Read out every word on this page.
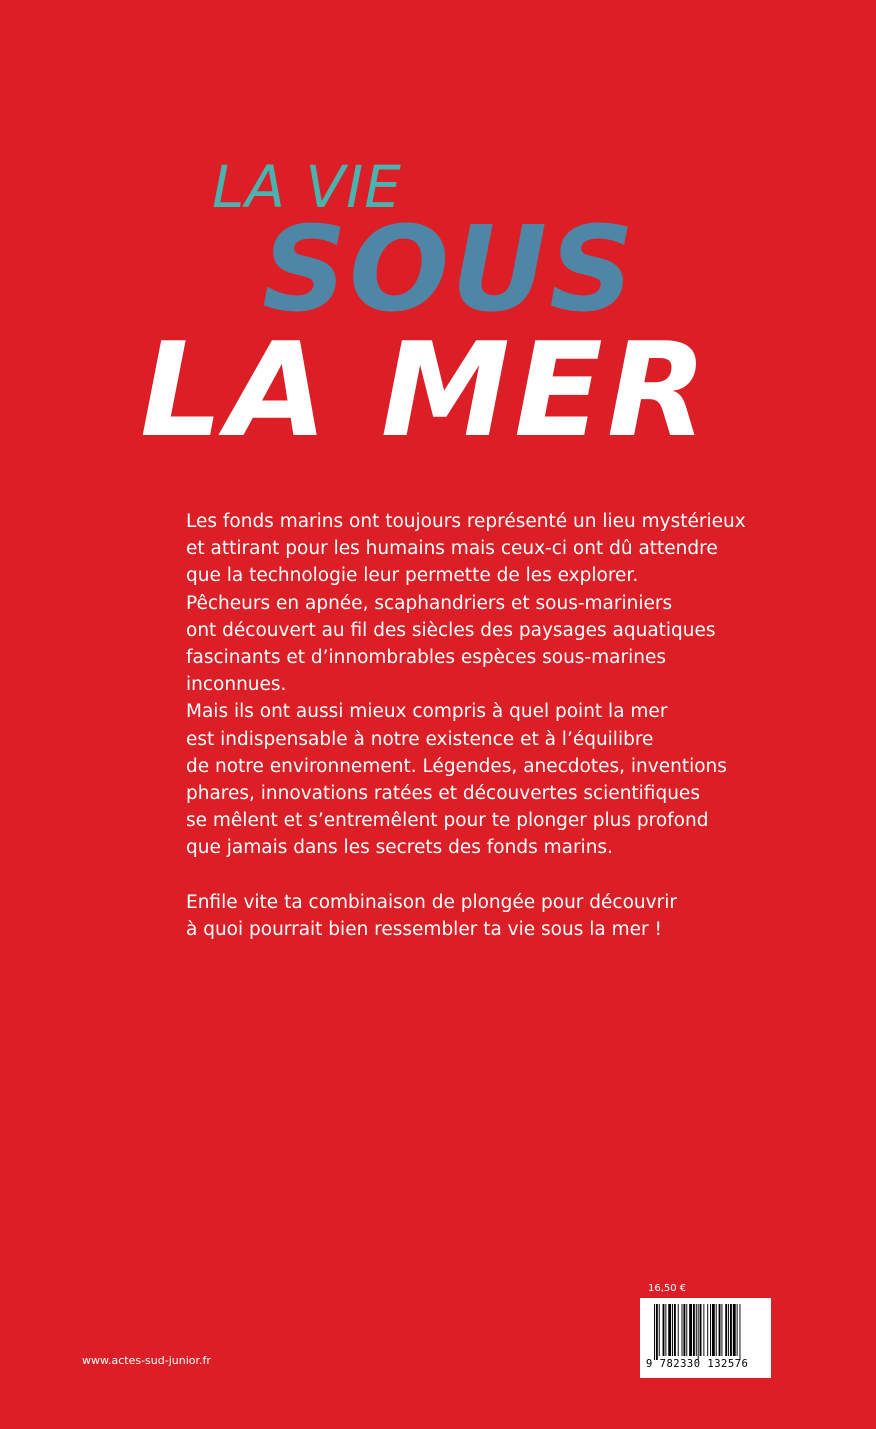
LA VIE
SOUS
LA MER

Les fonds marins ont toujours représenté un lieu mystérieux
et attirant pour les humains mais ceux-ci ont dû attendre
que la technologie leur permette de les explorer.
Pêcheurs en apnée, scaphandriers et sous-mariniers
ont découvert au fil des siècles des paysages aquatiques
fascinants et d’innombrables espèces sous-marines inconnues.
Mais ils ont aussi mieux compris à quel point la mer
est indispensable à notre existence et à l’équilibre
de notre environnement. Légendes, anecdotes, inventions
phares, innovations ratées et découvertes scientifiques
se mêlent et s’entremêlent pour te plonger plus profond
que jamais dans les secrets des fonds marins.

Enfile vite ta combinaison de plongée pour découvrir
à quoi pourrait bien ressembler ta vie sous la mer !

www.actes-sud-junior.fr
16,50 €
9 782330 132576
